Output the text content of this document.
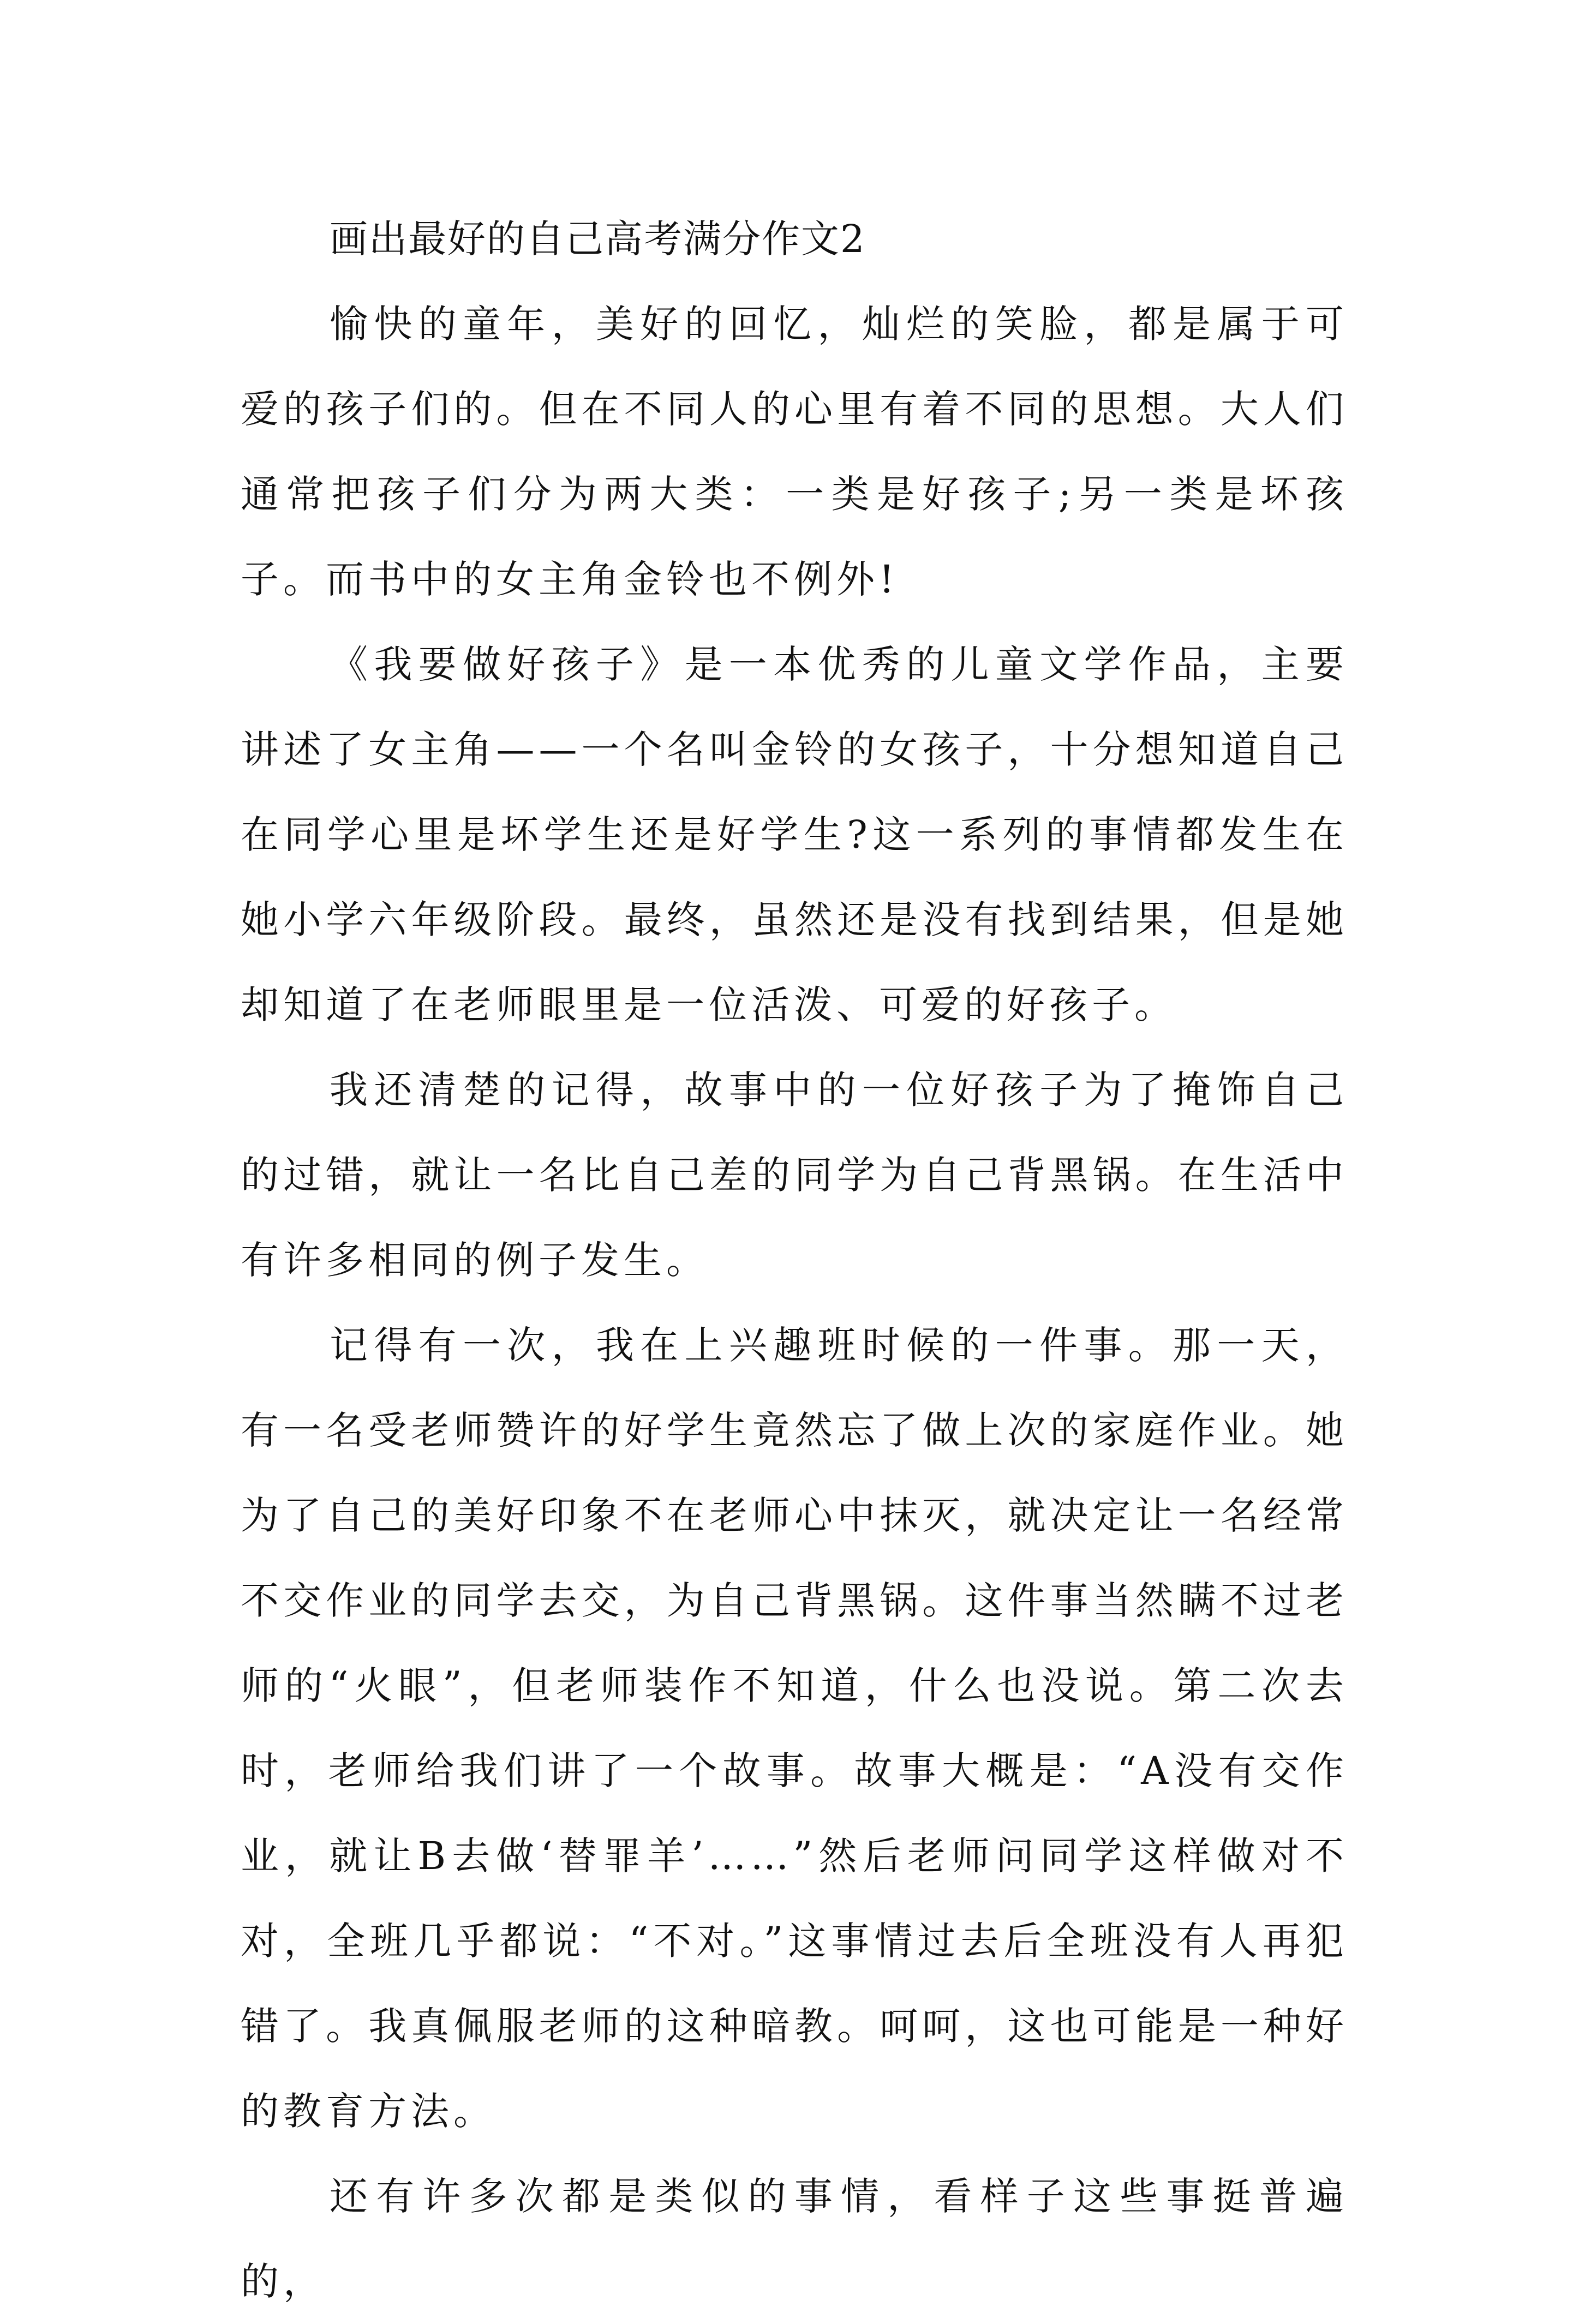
画出最好的自己高考满分作文2

愉快的童年，美好的回忆，灿烂的笑脸，都是属于可爱的孩子们的。但在不同人的心里有着不同的思想。大人们通常把孩子们分为两大类：一类是好孩子;另一类是坏孩子。而书中的女主角金铃也不例外!

《我要做好孩子》是一本优秀的儿童文学作品，主要讲述了女主角——一个名叫金铃的女孩子，十分想知道自己在同学心里是坏学生还是好学生?这一系列的事情都发生在她小学六年级阶段。最终，虽然还是没有找到结果，但是她却知道了在老师眼里是一位活泼、可爱的好孩子。

我还清楚的记得，故事中的一位好孩子为了掩饰自己的过错，就让一名比自己差的同学为自己背黑锅。在生活中有许多相同的例子发生。

记得有一次，我在上兴趣班时候的一件事。那一天，有一名受老师赞许的好学生竟然忘了做上次的家庭作业。她为了自己的美好印象不在老师心中抹灭，就决定让一名经常不交作业的同学去交，为自己背黑锅。这件事当然瞒不过老师的“火眼”，但老师装作不知道，什么也没说。第二次去时，老师给我们讲了一个故事。故事大概是：“A没有交作业，就让B去做‘替罪羊’……”然后老师问同学这样做对不对，全班几乎都说：“不对。”这事情过去后全班没有人再犯错了。我真佩服老师的这种暗教。呵呵，这也可能是一种好的教育方法。

还有许多次都是类似的事情，看样子这些事挺普遍的，
